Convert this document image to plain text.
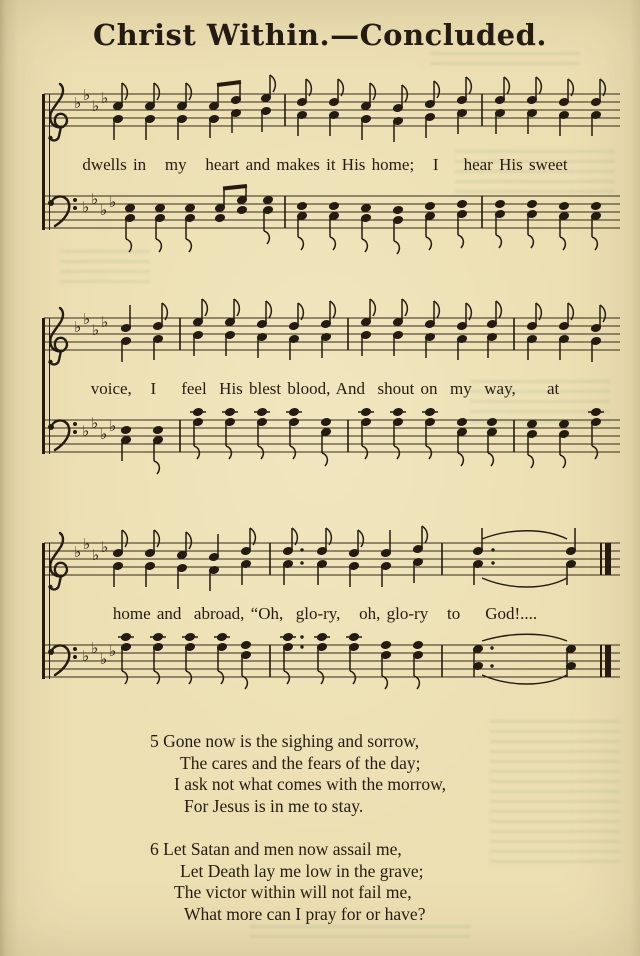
Christ Within.—Concluded.
♭ ♭
♭ ♭
dwells in   my   heart and makes it His home;   I    hear His sweet
♭ ♭
♭ ♭
♭ ♭
♭ ♭
voice,   I    feel  His blest blood, And  shout on  my  way,     at
♭ ♭
♭ ♭
♭ ♭
♭ ♭
home and  abroad, “Oh,  glo-ry,   oh, glo-ry   to    God!....
♭ ♭
♭ ♭
5 Gone now is the sighing and sorrow,
The cares and the fears of the day;
I ask not what comes with the morrow,
For Jesus is in me to stay.
6 Let Satan and men now assail me,
Let Death lay me low in the grave;
The victor within will not fail me,
What more can I pray for or have?
